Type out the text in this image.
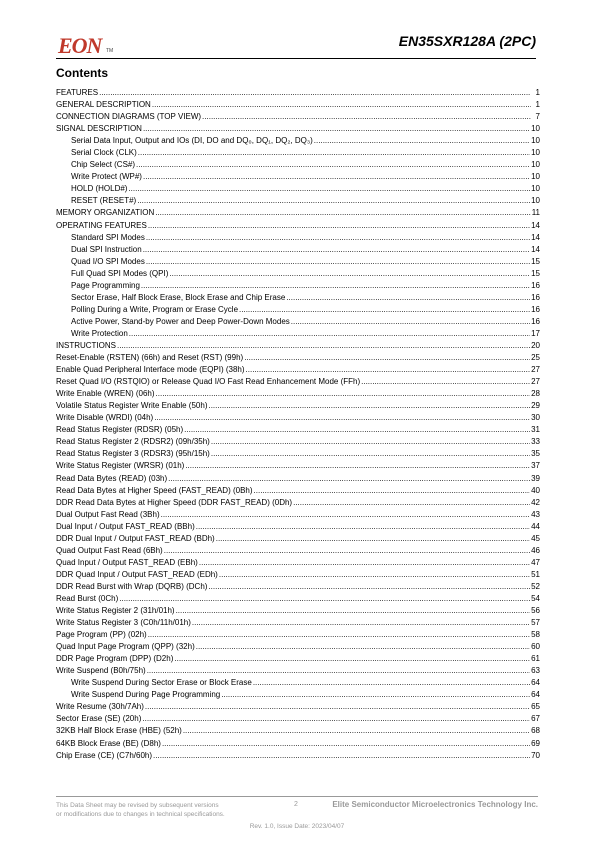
EON TM
EN35SXR128A (2PC)
Contents
FEATURES .....	1
GENERAL DESCRIPTION .....	1
CONNECTION DIAGRAMS (TOP VIEW) .....	7
SIGNAL DESCRIPTION .....	10
Serial Data Input, Output and IOs (DI, DO and DQ₀, DQ₁, DQ₂, DQ₃) .....	10
Serial Clock (CLK) .....	10
Chip Select (CS#) .....	10
Write Protect (WP#) .....	10
HOLD (HOLD#) .....	10
RESET (RESET#) .....	10
MEMORY ORGANIZATION .....	11
OPERATING FEATURES .....	14
Standard SPI Modes .....	14
Dual SPI Instruction .....	14
Quad I/O SPI Modes .....	15
Full Quad SPI Modes (QPI) .....	15
Page Programming .....	16
Sector Erase, Half Block Erase, Block Erase and Chip Erase .....	16
Polling During a Write, Program or Erase Cycle .....	16
Active Power, Stand-by Power and Deep Power-Down Modes .....	16
Write Protection .....	17
INSTRUCTIONS .....	20
Reset-Enable (RSTEN) (66h) and Reset (RST) (99h) .....	25
Enable Quad Peripheral Interface mode (EQPI) (38h) .....	27
Reset Quad I/O (RSTQIO) or Release Quad I/O Fast Read Enhancement Mode (FFh) .....	27
Write Enable (WREN) (06h) .....	28
Volatile Status Register Write Enable (50h) .....	29
Write Disable (WRDI) (04h) .....	30
Read Status Register (RDSR) (05h) .....	31
Read Status Register 2 (RDSR2) (09h/35h) .....	33
Read Status Register 3 (RDSR3) (95h/15h) .....	35
Write Status Register (WRSR) (01h) .....	37
Read Data Bytes (READ) (03h) .....	39
Read Data Bytes at Higher Speed (FAST_READ) (0Bh) .....	40
DDR Read Data Bytes at Higher Speed (DDR FAST_READ) (0Dh) .....	42
Dual Output Fast Read (3Bh) .....	43
Dual Input / Output FAST_READ (BBh) .....	44
DDR Dual Input / Output FAST_READ (BDh) .....	45
Quad Output Fast Read (6Bh) .....	46
Quad Input / Output FAST_READ (EBh) .....	47
DDR Quad Input / Output FAST_READ (EDh) .....	51
DDR Read Burst with Wrap (DQRB) (DCh) .....	52
Read Burst (0Ch) .....	54
Write Status Register 2 (31h/01h) .....	56
Write Status Register 3 (C0h/11h/01h) .....	57
Page Program (PP) (02h) .....	58
Quad Input Page Program (QPP) (32h) .....	60
DDR Page Program (DPP) (D2h) .....	61
Write Suspend (B0h/75h) .....	63
Write Suspend During Sector Erase or Block Erase .....	64
Write Suspend During Page Programming .....	64
Write Resume (30h/7Ah) .....	65
Sector Erase (SE) (20h) .....	67
32KB Half Block Erase (HBE) (52h) .....	68
64KB Block Erase (BE) (D8h) .....	69
Chip Erase (CE) (C7h/60h) .....	70
This Data Sheet may be revised by subsequent versions
or modifications due to changes in technical specifications.
2	Elite Semiconductor Microelectronics Technology Inc.
Rev. 1.0, Issue Date: 2023/04/07
